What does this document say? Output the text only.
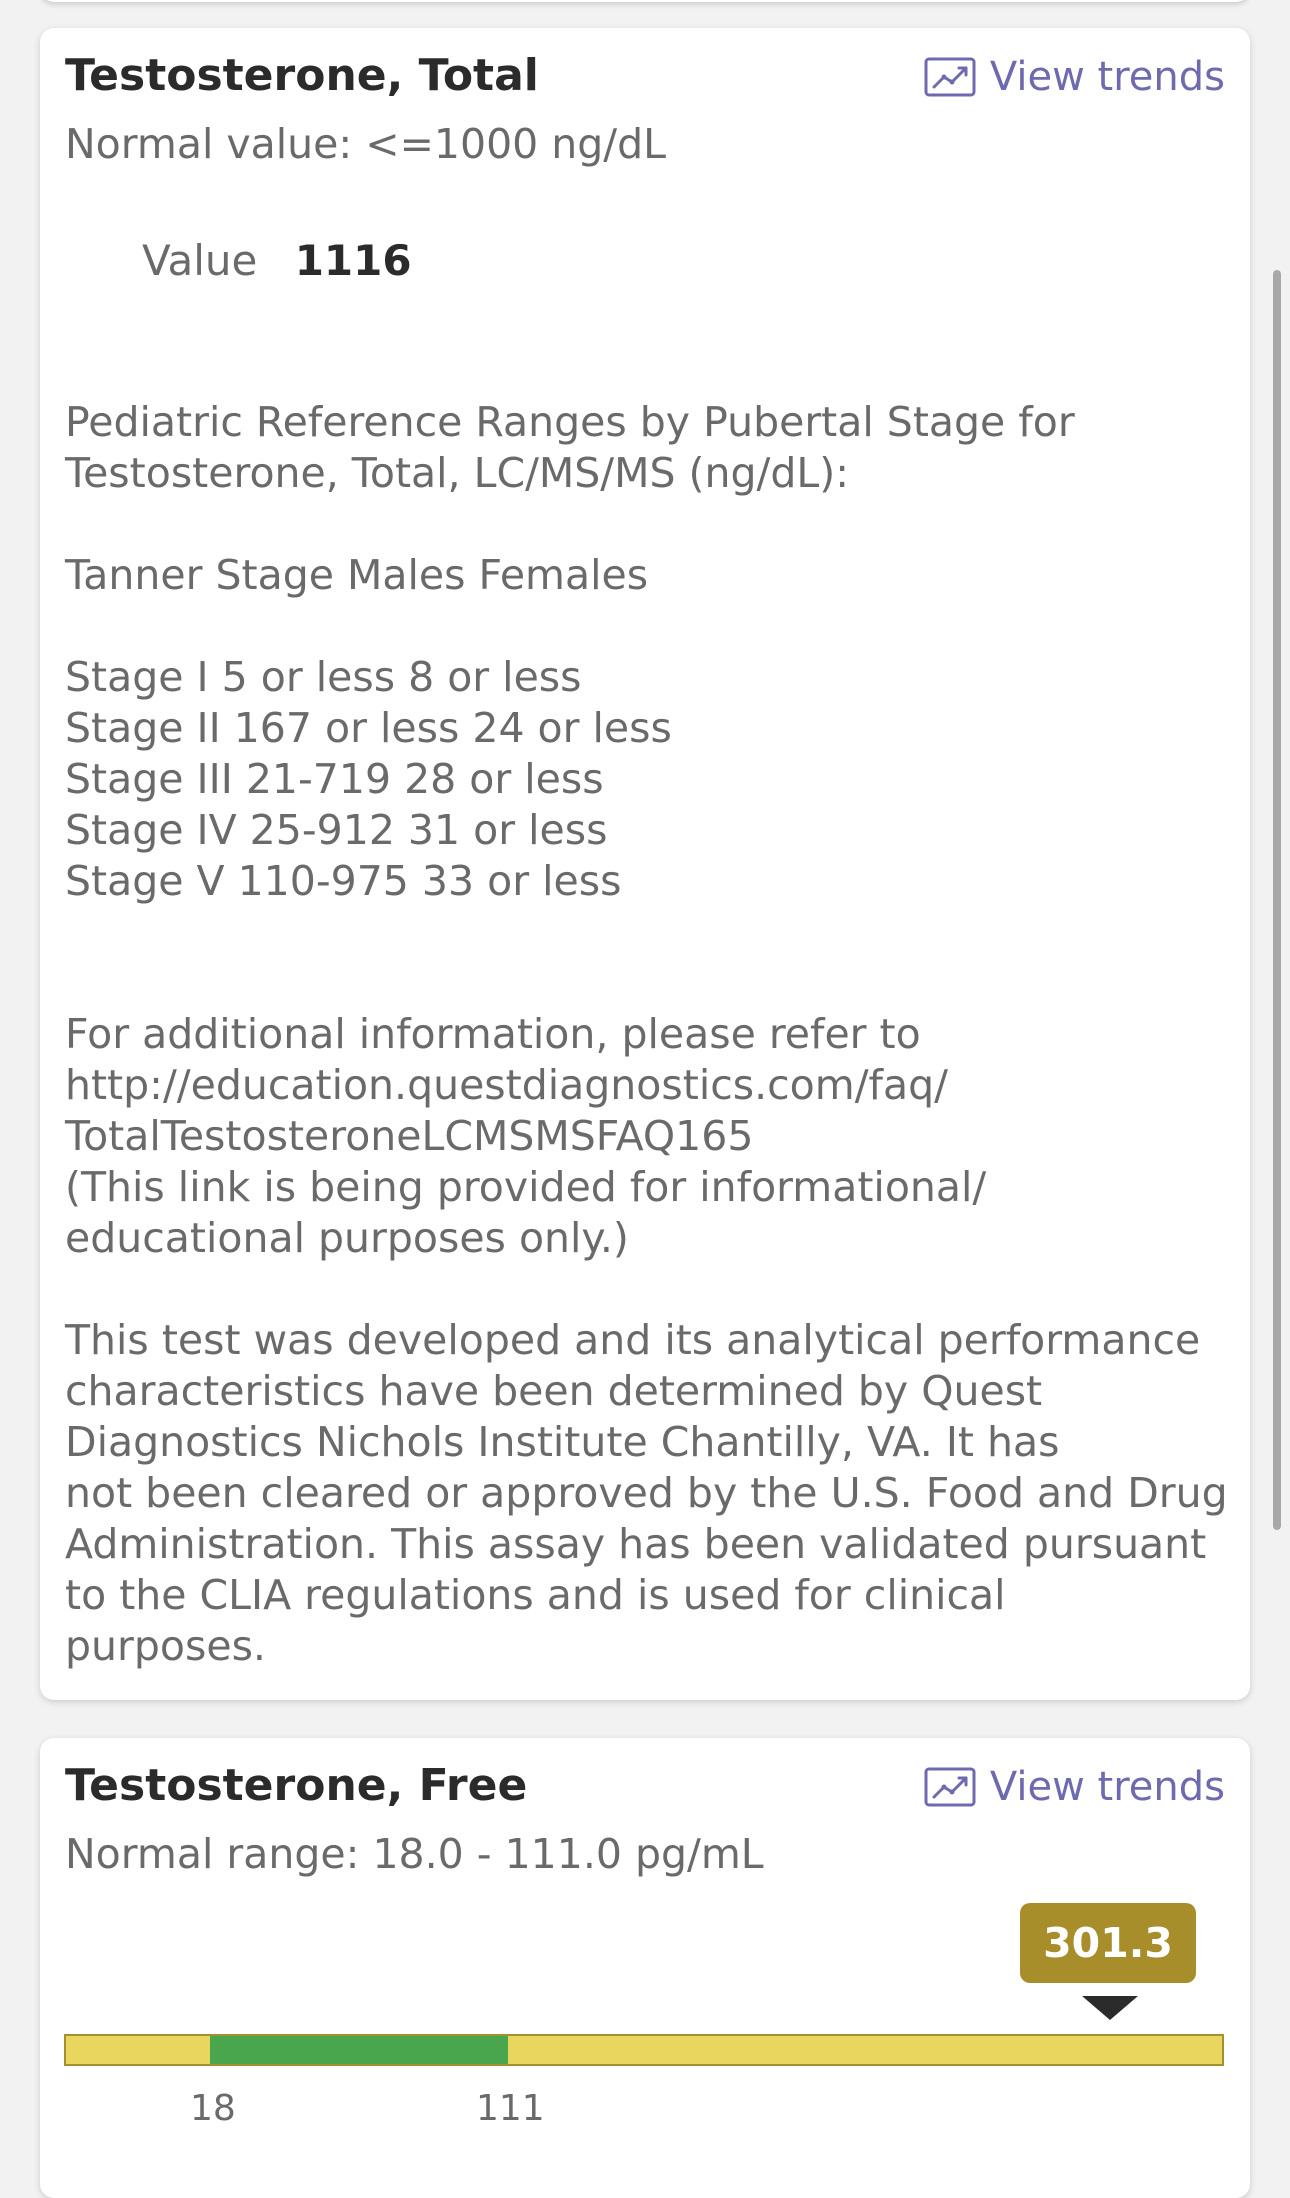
Testosterone, Total
Normal value: <=1000 ng/dL
View trends
Value 1116
Pediatric Reference Ranges by Pubertal Stage for
Testosterone, Total, LC/MS/MS (ng/dL):

Tanner Stage Males Females

Stage I 5 or less 8 or less
Stage II 167 or less 24 or less
Stage III 21-719 28 or less
Stage IV 25-912 31 or less
Stage V 110-975 33 or less

For additional information, please refer to
http://education.questdiagnostics.com/faq/
TotalTestosteroneLCMSMSFAQ165
(This link is being provided for informational/
educational purposes only.)

This test was developed and its analytical performance
characteristics have been determined by Quest
Diagnostics Nichols Institute Chantilly, VA. It has
not been cleared or approved by the U.S. Food and Drug
Administration. This assay has been validated pursuant
to the CLIA regulations and is used for clinical
purposes.
Testosterone, Free
Normal range: 18.0 - 111.0 pg/mL
View trends
301.3
18	111
